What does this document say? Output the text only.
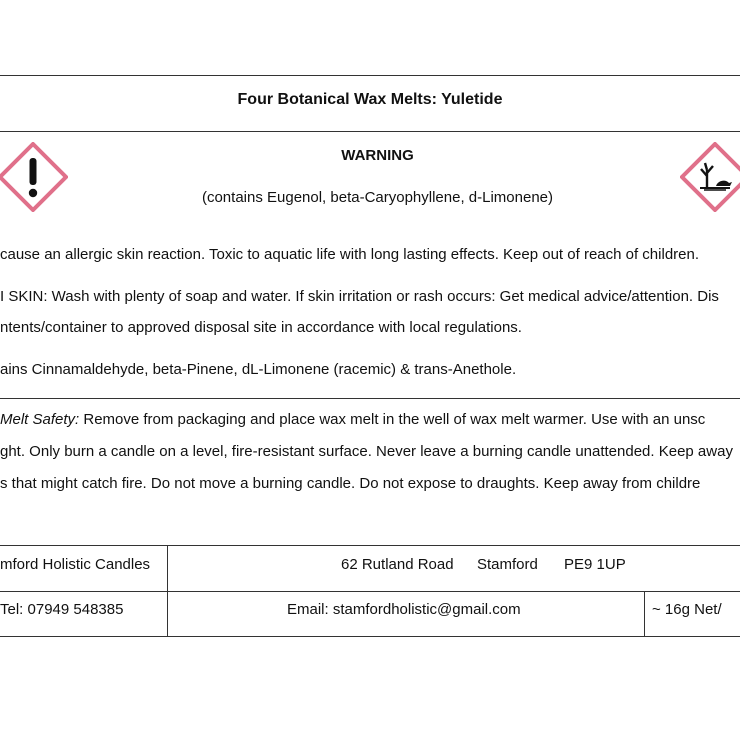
Four Botanical Wax Melts: Yuletide
WARNING
(contains Eugenol, beta-Caryophyllene, d-Limonene)
cause an allergic skin reaction. Toxic to aquatic life with long lasting effects. Keep out of reach of children.
I SKIN: Wash with plenty of soap and water. If skin irritation or rash occurs: Get medical advice/attention. Dis
ntents/container to approved disposal site in accordance with local regulations.
ains Cinnamaldehyde, beta-Pinene, dL-Limonene (racemic) & trans-Anethole.
Melt Safety: Remove from packaging and place wax melt in the well of wax melt warmer. Use with an unsc
ght. Only burn a candle on a level, fire-resistant surface. Never leave a burning candle unattended. Keep away
s that might catch fire. Do not move a burning candle. Do not expose to draughts. Keep away from childre
mford Holistic Candles	62 Rutland Road Stamford PE9 1UP
Tel: 07949 548385	Email: stamfordholistic@gmail.com	~ 16g Net/
